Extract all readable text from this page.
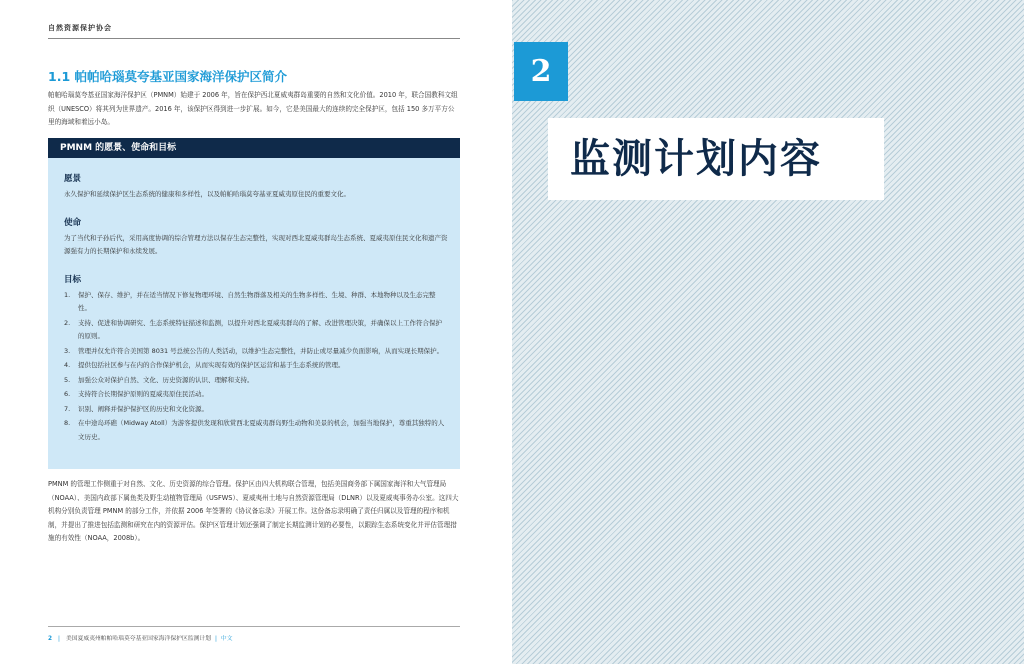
自然资源保护协会
1.1 帕帕哈瑙莫夸基亚国家海洋保护区简介
帕帕哈瑙莫夸基亚国家海洋保护区（PMNM）始建于 2006 年，旨在保护西北夏威夷群岛重要的自然和文化价值。2010 年，联合国教科文组织（UNESCO）将其列为世界遗产。2016 年，该保护区得到进一步扩展。如今，它是美国最大的连续的完全保护区，包括 150 多万平方公里的海域和着远小岛。
PMNM 的愿景、使命和目标
愿景

永久保护和延续保护区生态系统的健康和多样性，以及帕帕哈瑙莫夸基亚夏威夷原住民的重要文化。

使命

为了当代和子孙后代，采用高度协调的综合管理方法以保存生态完整性，实现对西北夏威夷群岛生态系统、夏威夷原住民文化和遗产资源强有力的长期保护和永续发展。

目标
1. 保护、保存、维护，并在适当情况下修复物理环境、自然生物群落及相关的生物多样性、生境、种群、本地物种以及生态完整性。
2. 支持、促进和协调研究、生态系统特征描述和监测，以提升对西北夏威夷群岛的了解、改进管理决策，并确保以上工作符合保护的原则。
3. 管理并仅允许符合美国第 8031 号总统公告的人类活动，以维护生态完整性，并防止或尽量减少负面影响，从而实现长期保护。
4. 提供包括社区参与在内的合作保护机会，从而实现有效的保护区运营和基于生态系统的管理。
5. 加强公众对保护自然、文化、历史资源的认识、理解和支持。
6. 支持符合长期保护原则的夏威夷原住民活动。
7. 识别、阐释并保护保护区的历史和文化资源。
8. 在中途岛环礁（Midway Atoll）为游客提供发现和欣赏西北夏威夷群岛野生动物和美景的机会，加强当地保护，尊重其独特的人文历史。
PMNM 的管理工作侧重于对自然、文化、历史资源的综合管理。保护区由四大机构联合管理，包括美国商务部下属国家海洋和大气管理局（NOAA）、美国内政部下属鱼类及野生动植物管理局（USFWS）、夏威夷州土地与自然资源管理局（DLNR）以及夏威夷事务办公室。这四大机构分别负责管理 PMNM 的部分工作，并依据 2006 年签署的《协议备忘录》开展工作。这份备忘录明确了责任归属以及管理的程序和机制，并提出了推进包括监测和研究在内的资源评估。保护区管理计划还强调了制定长期监测计划的必要性，以跟踪生态系统变化并评估管理措施的有效性（NOAA，2008b）。
2 | 美国夏威夷州帕帕哈瑙莫夸基亚国家海洋保护区监测计划 | 中文
2
监测计划内容
